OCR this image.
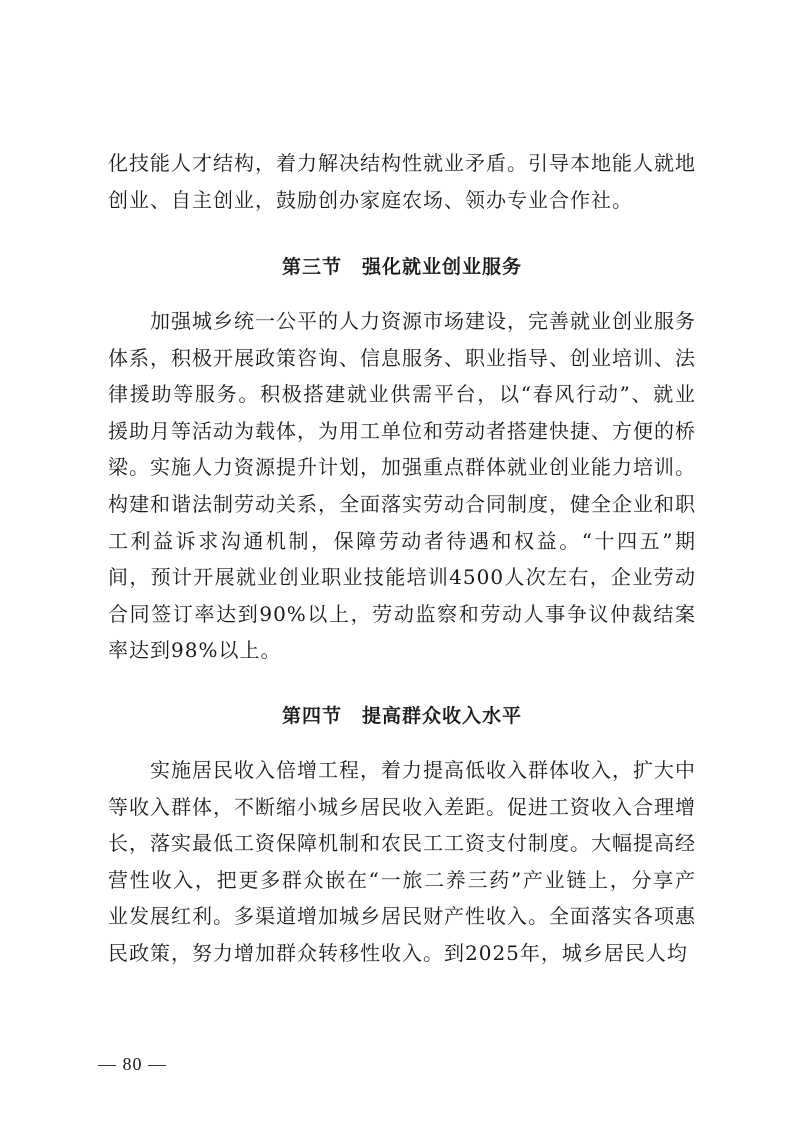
化技能人才结构，着力解决结构性就业矛盾。引导本地能人就地创业、自主创业，鼓励创办家庭农场、领办专业合作社。

第三节 强化就业创业服务

加强城乡统一公平的人力资源市场建设，完善就业创业服务体系，积极开展政策咨询、信息服务、职业指导、创业培训、法律援助等服务。积极搭建就业供需平台，以“春风行动”、就业援助月等活动为载体，为用工单位和劳动者搭建快捷、方便的桥梁。实施人力资源提升计划，加强重点群体就业创业能力培训。构建和谐法制劳动关系，全面落实劳动合同制度，健全企业和职工利益诉求沟通机制，保障劳动者待遇和权益。“十四五”期间，预计开展就业创业职业技能培训4500人次左右，企业劳动合同签订率达到90%以上，劳动监察和劳动人事争议仲裁结案率达到98%以上。

第四节 提高群众收入水平

实施居民收入倍增工程，着力提高低收入群体收入，扩大中等收入群体，不断缩小城乡居民收入差距。促进工资收入合理增长，落实最低工资保障机制和农民工工资支付制度。大幅提高经营性收入，把更多群众嵌在“一旅二养三药”产业链上，分享产业发展红利。多渠道增加城乡居民财产性收入。全面落实各项惠民政策，努力增加群众转移性收入。到2025年，城乡居民人均

— 80 —
